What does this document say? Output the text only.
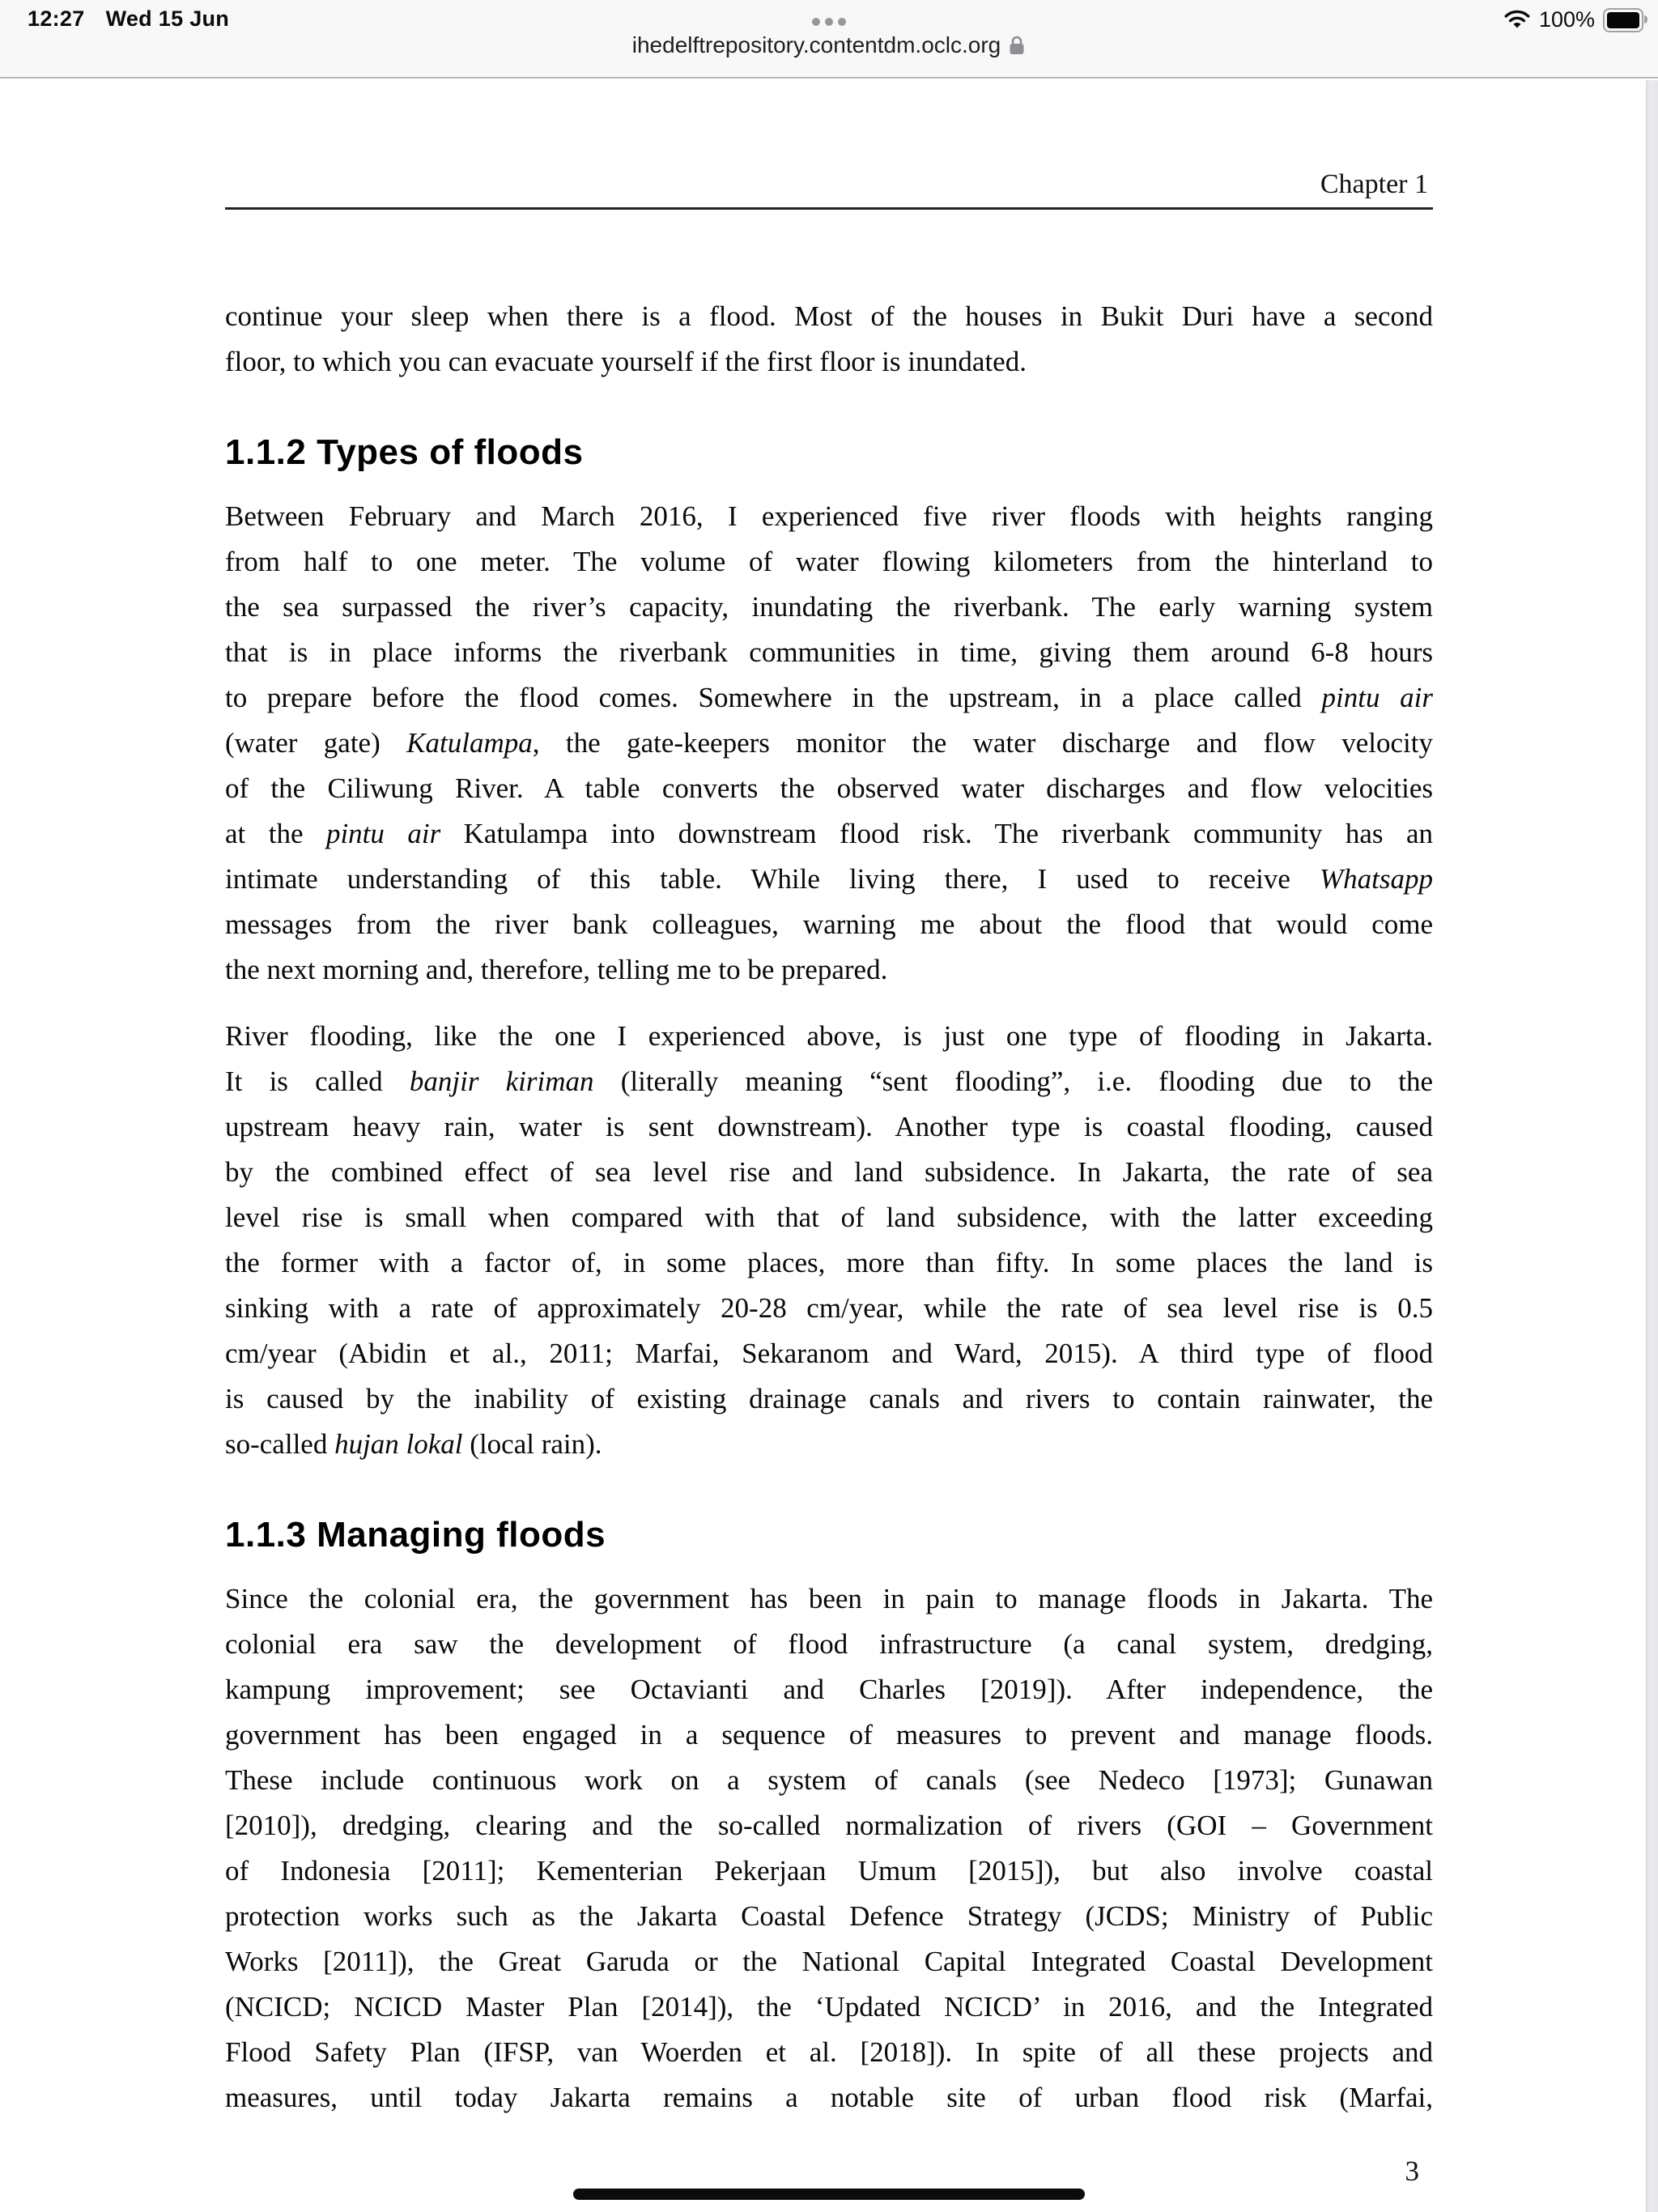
12:27 Wed 15 Jun	100%
ihedelftrepository.contentdm.oclc.org
Chapter 1
continue your sleep when there is a flood. Most of the houses in Bukit Duri have a second
floor, to which you can evacuate yourself if the first floor is inundated.
1.1.2 Types of floods
Between February and March 2016, I experienced five river floods with heights ranging
from half to one meter. The volume of water flowing kilometers from the hinterland to
the sea surpassed the river’s capacity, inundating the riverbank. The early warning system
that is in place informs the riverbank communities in time, giving them around 6-8 hours
to prepare before the flood comes. Somewhere in the upstream, in a place called pintu air
(water gate) Katulampa, the gate-keepers monitor the water discharge and flow velocity
of the Ciliwung River. A table converts the observed water discharges and flow velocities
at the pintu air Katulampa into downstream flood risk. The riverbank community has an
intimate understanding of this table. While living there, I used to receive Whatsapp
messages from the river bank colleagues, warning me about the flood that would come
the next morning and, therefore, telling me to be prepared.
River flooding, like the one I experienced above, is just one type of flooding in Jakarta.
It is called banjir kiriman (literally meaning “sent flooding”, i.e. flooding due to the
upstream heavy rain, water is sent downstream). Another type is coastal flooding, caused
by the combined effect of sea level rise and land subsidence. In Jakarta, the rate of sea
level rise is small when compared with that of land subsidence, with the latter exceeding
the former with a factor of, in some places, more than fifty. In some places the land is
sinking with a rate of approximately 20-28 cm/year, while the rate of sea level rise is 0.5
cm/year (Abidin et al., 2011; Marfai, Sekaranom and Ward, 2015). A third type of flood
is caused by the inability of existing drainage canals and rivers to contain rainwater, the
so-called hujan lokal (local rain).
1.1.3 Managing floods
Since the colonial era, the government has been in pain to manage floods in Jakarta. The
colonial era saw the development of flood infrastructure (a canal system, dredging,
kampung improvement; see Octavianti and Charles [2019]). After independence, the
government has been engaged in a sequence of measures to prevent and manage floods.
These include continuous work on a system of canals (see Nedeco [1973]; Gunawan
[2010]), dredging, clearing and the so-called normalization of rivers (GOI – Government
of Indonesia [2011]; Kementerian Pekerjaan Umum [2015]), but also involve coastal
protection works such as the Jakarta Coastal Defence Strategy (JCDS; Ministry of Public
Works [2011]), the Great Garuda or the National Capital Integrated Coastal Development
(NCICD; NCICD Master Plan [2014]), the ‘Updated NCICD’ in 2016, and the Integrated
Flood Safety Plan (IFSP, van Woerden et al. [2018]). In spite of all these projects and
measures, until today Jakarta remains a notable site of urban flood risk (Marfai,
3
